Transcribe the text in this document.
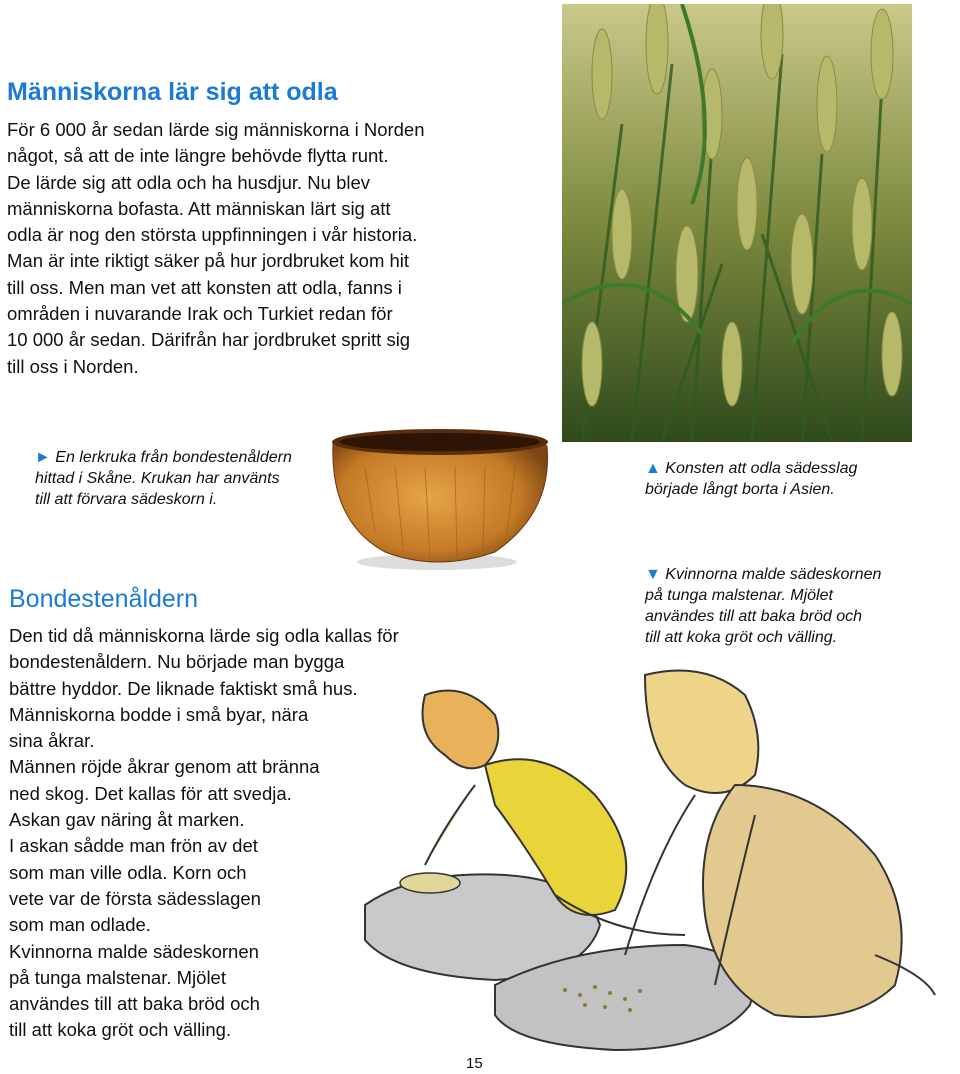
Människorna lär sig att odla
För 6 000 år sedan lärde sig människorna i Norden
något, så att de inte längre behövde flytta runt.
De lärde sig att odla och ha husdjur. Nu blev
människorna bofasta. Att människan lärt sig att
odla är nog den största uppfinningen i vår historia.
Man är inte riktigt säker på hur jordbruket kom hit
till oss. Men man vet att konsten att odla, fanns i
områden i nuvarande Irak och Turkiet redan för
10 000 år sedan. Därifrån har jordbruket spritt sig
till oss i Norden.
► En lerkruka från bondestenåldern
hittad i Skåne. Krukan har använts
till att förvara sädeskorn i.
▲ Konsten att odla sädesslag
började långt borta i Asien.
▼ Kvinnorna malde sädeskornen
på tunga malstenar. Mjölet
användes till att baka bröd och
till att koka gröt och välling.
Bondestenåldern
Den tid då människorna lärde sig odla kallas för
bondestenåldern. Nu började man bygga
bättre hyddor. De liknade faktiskt små hus.
Människorna bodde i små byar, nära
sina åkrar.
Männen röjde åkrar genom att bränna
ned skog. Det kallas för att svedja.
Askan gav näring åt marken.
I askan sådde man frön av det
som man ville odla. Korn och
vete var de första sädesslagen
som man odlade.
Kvinnorna malde sädeskornen
på tunga malstenar. Mjölet
användes till att baka bröd och
till att koka gröt och välling.
15
